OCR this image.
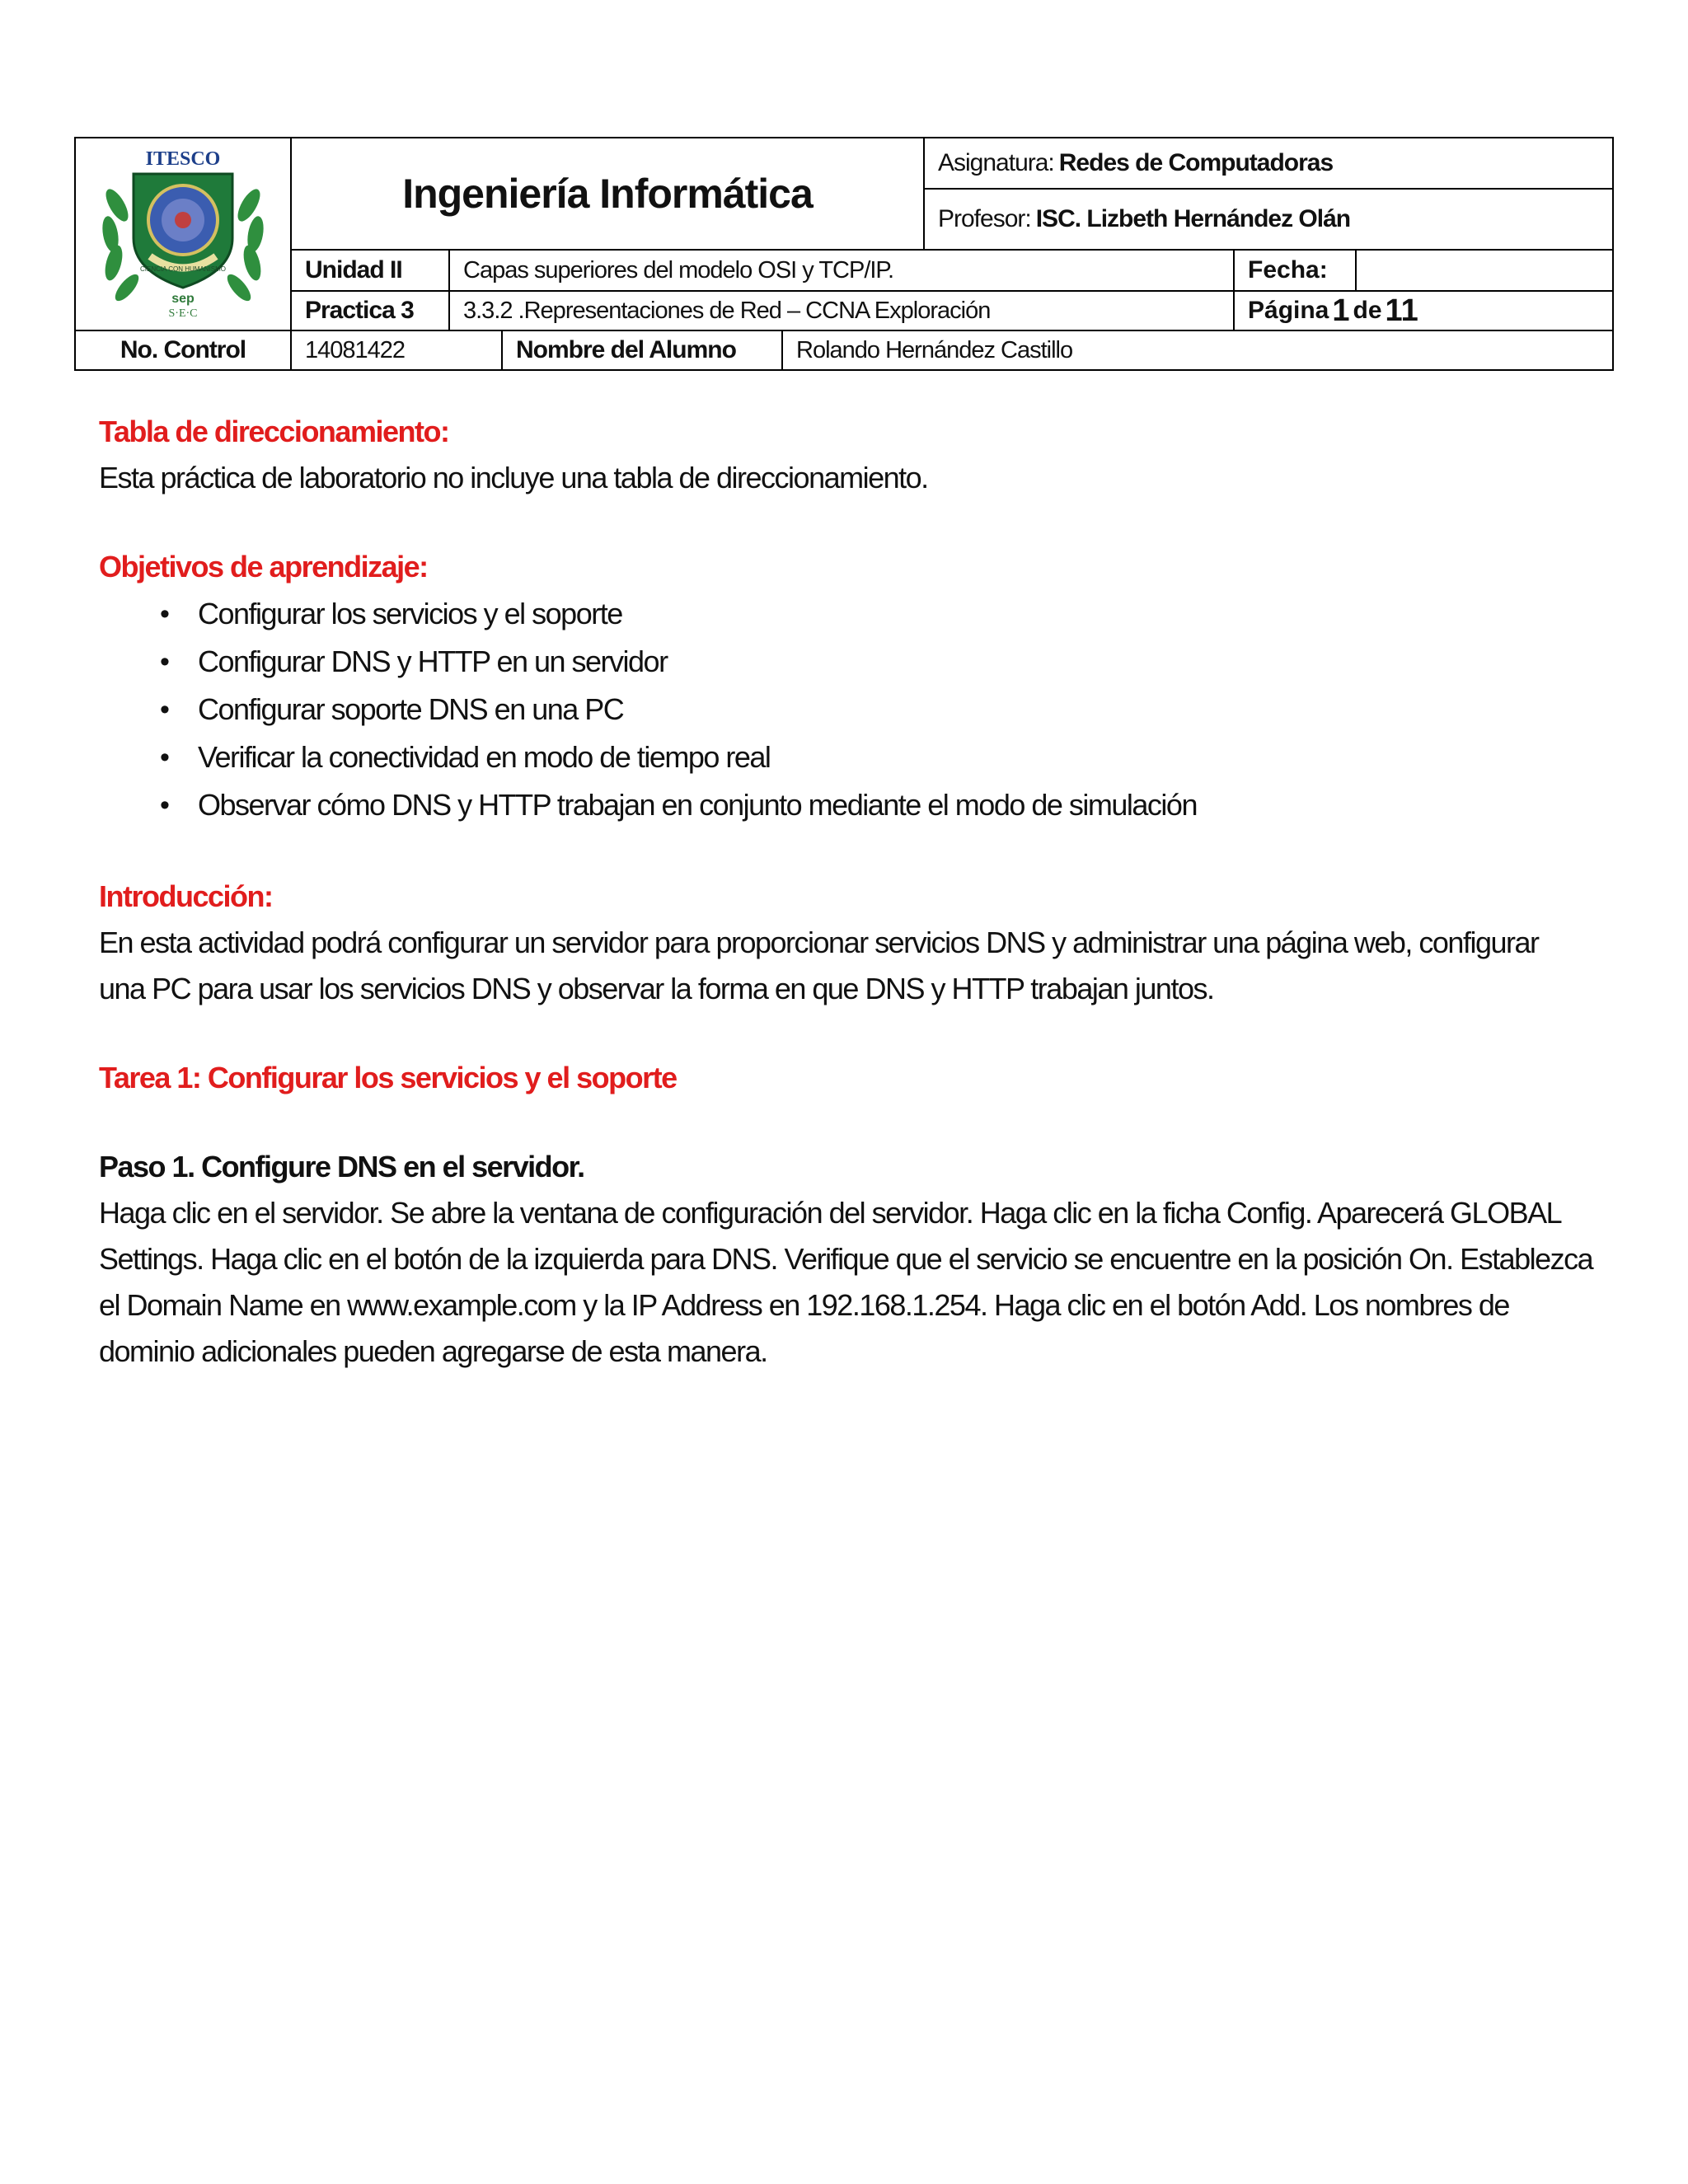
ITESCO
CIENCIA CON HUMANISMO
sep
S·E·C
Ingeniería Informática
Asignatura: Redes de Computadoras
Profesor: ISC. Lizbeth Hernández Olán
Unidad II	Capas superiores del modelo OSI y TCP/IP.	Fecha:
Practica 3	3.3.2 .Representaciones de Red – CCNA Exploración	Página 1 de 11
No. Control	14081422	Nombre del Alumno	Rolando Hernández Castillo
Tabla de direccionamiento:

Esta práctica de laboratorio no incluye una tabla de direccionamiento.

Objetivos de aprendizaje:
• Configurar los servicios y el soporte
• Configurar DNS y HTTP en un servidor
• Configurar soporte DNS en una PC
• Verificar la conectividad en modo de tiempo real
• Observar cómo DNS y HTTP trabajan en conjunto mediante el modo de simulación
Introducción:
En esta actividad podrá configurar un servidor para proporcionar servicios DNS y administrar una página web, configurar
una PC para usar los servicios DNS y observar la forma en que DNS y HTTP trabajan juntos.
Tarea 1: Configurar los servicios y el soporte
Paso 1. Configure DNS en el servidor.
Haga clic en el servidor. Se abre la ventana de configuración del servidor. Haga clic en la ficha Config. Aparecerá GLOBAL
Settings. Haga clic en el botón de la izquierda para DNS. Verifique que el servicio se encuentre en la posición On. Establezca
el Domain Name en www.example.com y la IP Address en 192.168.1.254. Haga clic en el botón Add. Los nombres de
dominio adicionales pueden agregarse de esta manera.
